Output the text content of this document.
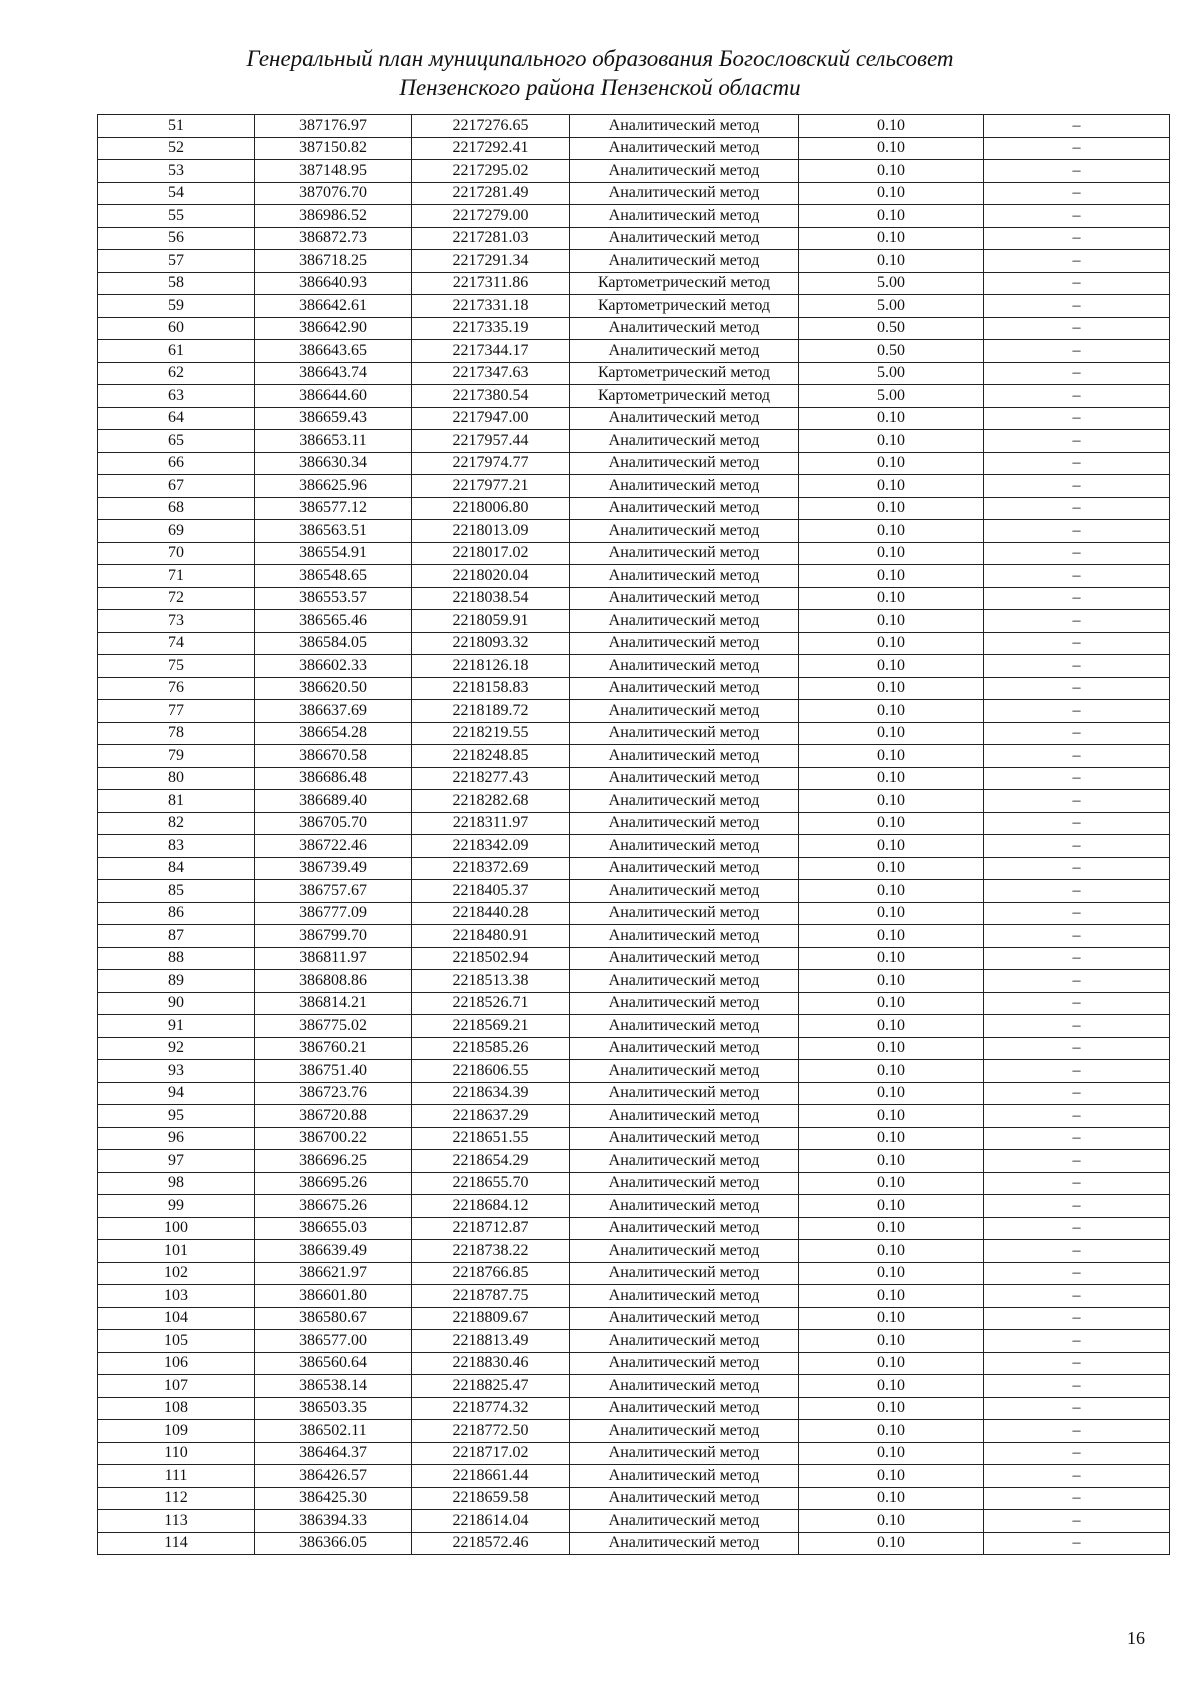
Генеральный план муниципального образования Богословский сельсовет
Пензенского района Пензенской области
51	387176.97	2217276.65	Аналитический метод	0.10	–
52	387150.82	2217292.41	Аналитический метод	0.10	–
53	387148.95	2217295.02	Аналитический метод	0.10	–
54	387076.70	2217281.49	Аналитический метод	0.10	–
55	386986.52	2217279.00	Аналитический метод	0.10	–
56	386872.73	2217281.03	Аналитический метод	0.10	–
57	386718.25	2217291.34	Аналитический метод	0.10	–
58	386640.93	2217311.86	Картометрический метод	5.00	–
59	386642.61	2217331.18	Картометрический метод	5.00	–
60	386642.90	2217335.19	Аналитический метод	0.50	–
61	386643.65	2217344.17	Аналитический метод	0.50	–
62	386643.74	2217347.63	Картометрический метод	5.00	–
63	386644.60	2217380.54	Картометрический метод	5.00	–
64	386659.43	2217947.00	Аналитический метод	0.10	–
65	386653.11	2217957.44	Аналитический метод	0.10	–
66	386630.34	2217974.77	Аналитический метод	0.10	–
67	386625.96	2217977.21	Аналитический метод	0.10	–
68	386577.12	2218006.80	Аналитический метод	0.10	–
69	386563.51	2218013.09	Аналитический метод	0.10	–
70	386554.91	2218017.02	Аналитический метод	0.10	–
71	386548.65	2218020.04	Аналитический метод	0.10	–
72	386553.57	2218038.54	Аналитический метод	0.10	–
73	386565.46	2218059.91	Аналитический метод	0.10	–
74	386584.05	2218093.32	Аналитический метод	0.10	–
75	386602.33	2218126.18	Аналитический метод	0.10	–
76	386620.50	2218158.83	Аналитический метод	0.10	–
77	386637.69	2218189.72	Аналитический метод	0.10	–
78	386654.28	2218219.55	Аналитический метод	0.10	–
79	386670.58	2218248.85	Аналитический метод	0.10	–
80	386686.48	2218277.43	Аналитический метод	0.10	–
81	386689.40	2218282.68	Аналитический метод	0.10	–
82	386705.70	2218311.97	Аналитический метод	0.10	–
83	386722.46	2218342.09	Аналитический метод	0.10	–
84	386739.49	2218372.69	Аналитический метод	0.10	–
85	386757.67	2218405.37	Аналитический метод	0.10	–
86	386777.09	2218440.28	Аналитический метод	0.10	–
87	386799.70	2218480.91	Аналитический метод	0.10	–
88	386811.97	2218502.94	Аналитический метод	0.10	–
89	386808.86	2218513.38	Аналитический метод	0.10	–
90	386814.21	2218526.71	Аналитический метод	0.10	–
91	386775.02	2218569.21	Аналитический метод	0.10	–
92	386760.21	2218585.26	Аналитический метод	0.10	–
93	386751.40	2218606.55	Аналитический метод	0.10	–
94	386723.76	2218634.39	Аналитический метод	0.10	–
95	386720.88	2218637.29	Аналитический метод	0.10	–
96	386700.22	2218651.55	Аналитический метод	0.10	–
97	386696.25	2218654.29	Аналитический метод	0.10	–
98	386695.26	2218655.70	Аналитический метод	0.10	–
99	386675.26	2218684.12	Аналитический метод	0.10	–
100	386655.03	2218712.87	Аналитический метод	0.10	–
101	386639.49	2218738.22	Аналитический метод	0.10	–
102	386621.97	2218766.85	Аналитический метод	0.10	–
103	386601.80	2218787.75	Аналитический метод	0.10	–
104	386580.67	2218809.67	Аналитический метод	0.10	–
105	386577.00	2218813.49	Аналитический метод	0.10	–
106	386560.64	2218830.46	Аналитический метод	0.10	–
107	386538.14	2218825.47	Аналитический метод	0.10	–
108	386503.35	2218774.32	Аналитический метод	0.10	–
109	386502.11	2218772.50	Аналитический метод	0.10	–
110	386464.37	2218717.02	Аналитический метод	0.10	–
111	386426.57	2218661.44	Аналитический метод	0.10	–
112	386425.30	2218659.58	Аналитический метод	0.10	–
113	386394.33	2218614.04	Аналитический метод	0.10	–
114	386366.05	2218572.46	Аналитический метод	0.10	–
16
